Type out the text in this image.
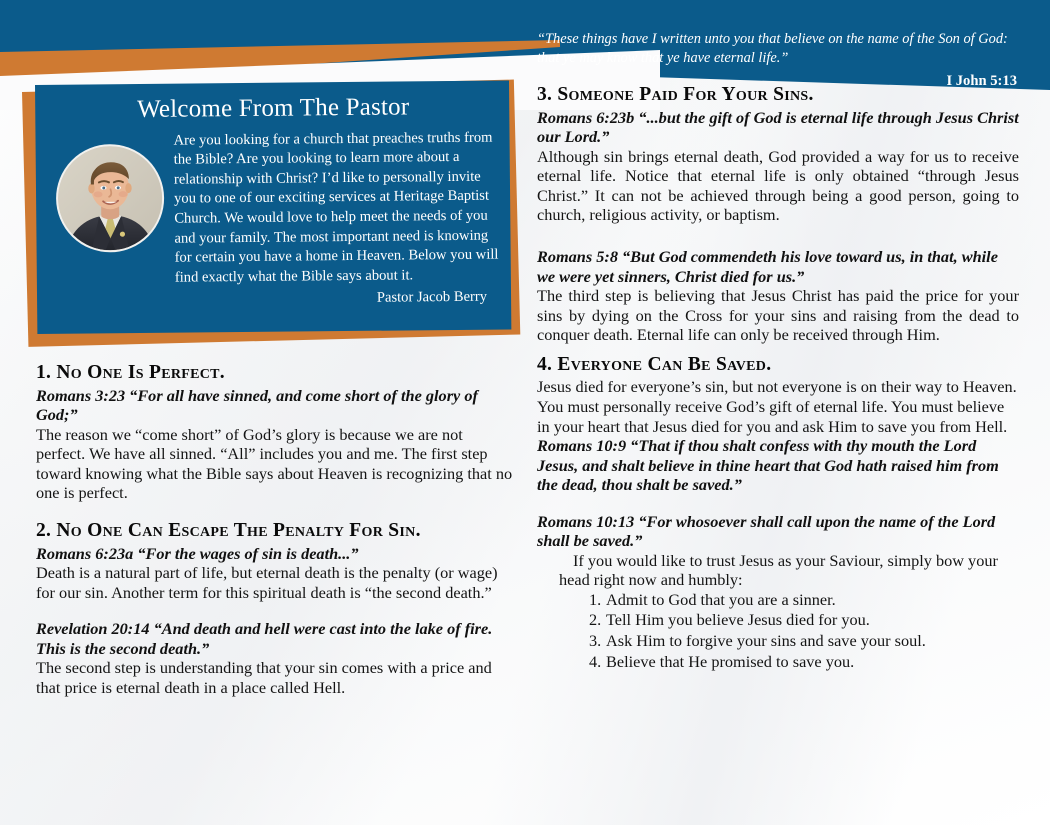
“These things have I written unto you that believe on the name of the Son of God: that ye may know that ye have eternal life.”
I John 5:13
Welcome From The Pastor
Are you looking for a church that preaches truths from the Bible? Are you looking to learn more about a relationship with Christ? I’d like to personally invite you to one of our exciting services at Heritage Baptist Church. We would love to help meet the needs of you and your family. The most important need is knowing for certain you have a home in Heaven. Below you will find exactly what the Bible says about it.
Pastor Jacob Berry
1. No One Is Perfect.

Romans 3:23 “For all have sinned, and come short of the glory of God;”

The reason we “come short” of God’s glory is because we are not perfect. We have all sinned. “All” includes you and me. The first step toward knowing what the Bible says about Heaven is recognizing that no one is perfect.

2. No One Can Escape The Penalty For Sin.

Romans 6:23a “For the wages of sin is death...”

Death is a natural part of life, but eternal death is the penalty (or wage) for our sin. Another term for this spiritual death is “the second death.”

Revelation 20:14 “And death and hell were cast into the lake of fire. This is the second death.”

The second step is understanding that your sin comes with a price and that price is eternal death in a place called Hell.

3. Someone Paid For Your Sins.

Romans 6:23b “...but the gift of God is eternal life through Jesus Christ our Lord.”

Although sin brings eternal death, God provided a way for us to receive eternal life. Notice that eternal life is only obtained “through Jesus Christ.” It can not be achieved through being a good person, going to church, religious activity, or baptism.

Romans 5:8 “But God commendeth his love toward us, in that, while we were yet sinners, Christ died for us.”

The third step is believing that Jesus Christ has paid the price for your sins by dying on the Cross for your sins and raising from the dead to conquer death. Eternal life can only be received through Him.

4. Everyone Can Be Saved.

Jesus died for everyone’s sin, but not everyone is on their way to Heaven. You must personally receive God’s gift of eternal life. You must believe in your heart that Jesus died for you and ask Him to save you from Hell.

Romans 10:9 “That if thou shalt confess with thy mouth the Lord Jesus, and shalt believe in thine heart that God hath raised him from the dead, thou shalt be saved.”

Romans 10:13 “For whosoever shall call upon the name of the Lord shall be saved.”

If you would like to trust Jesus as your Saviour, simply bow your head right now and humbly:

1. Admit to God that you are a sinner.
2. Tell Him you believe Jesus died for you.
3. Ask Him to forgive your sins and save your soul.
4. Believe that He promised to save you.
